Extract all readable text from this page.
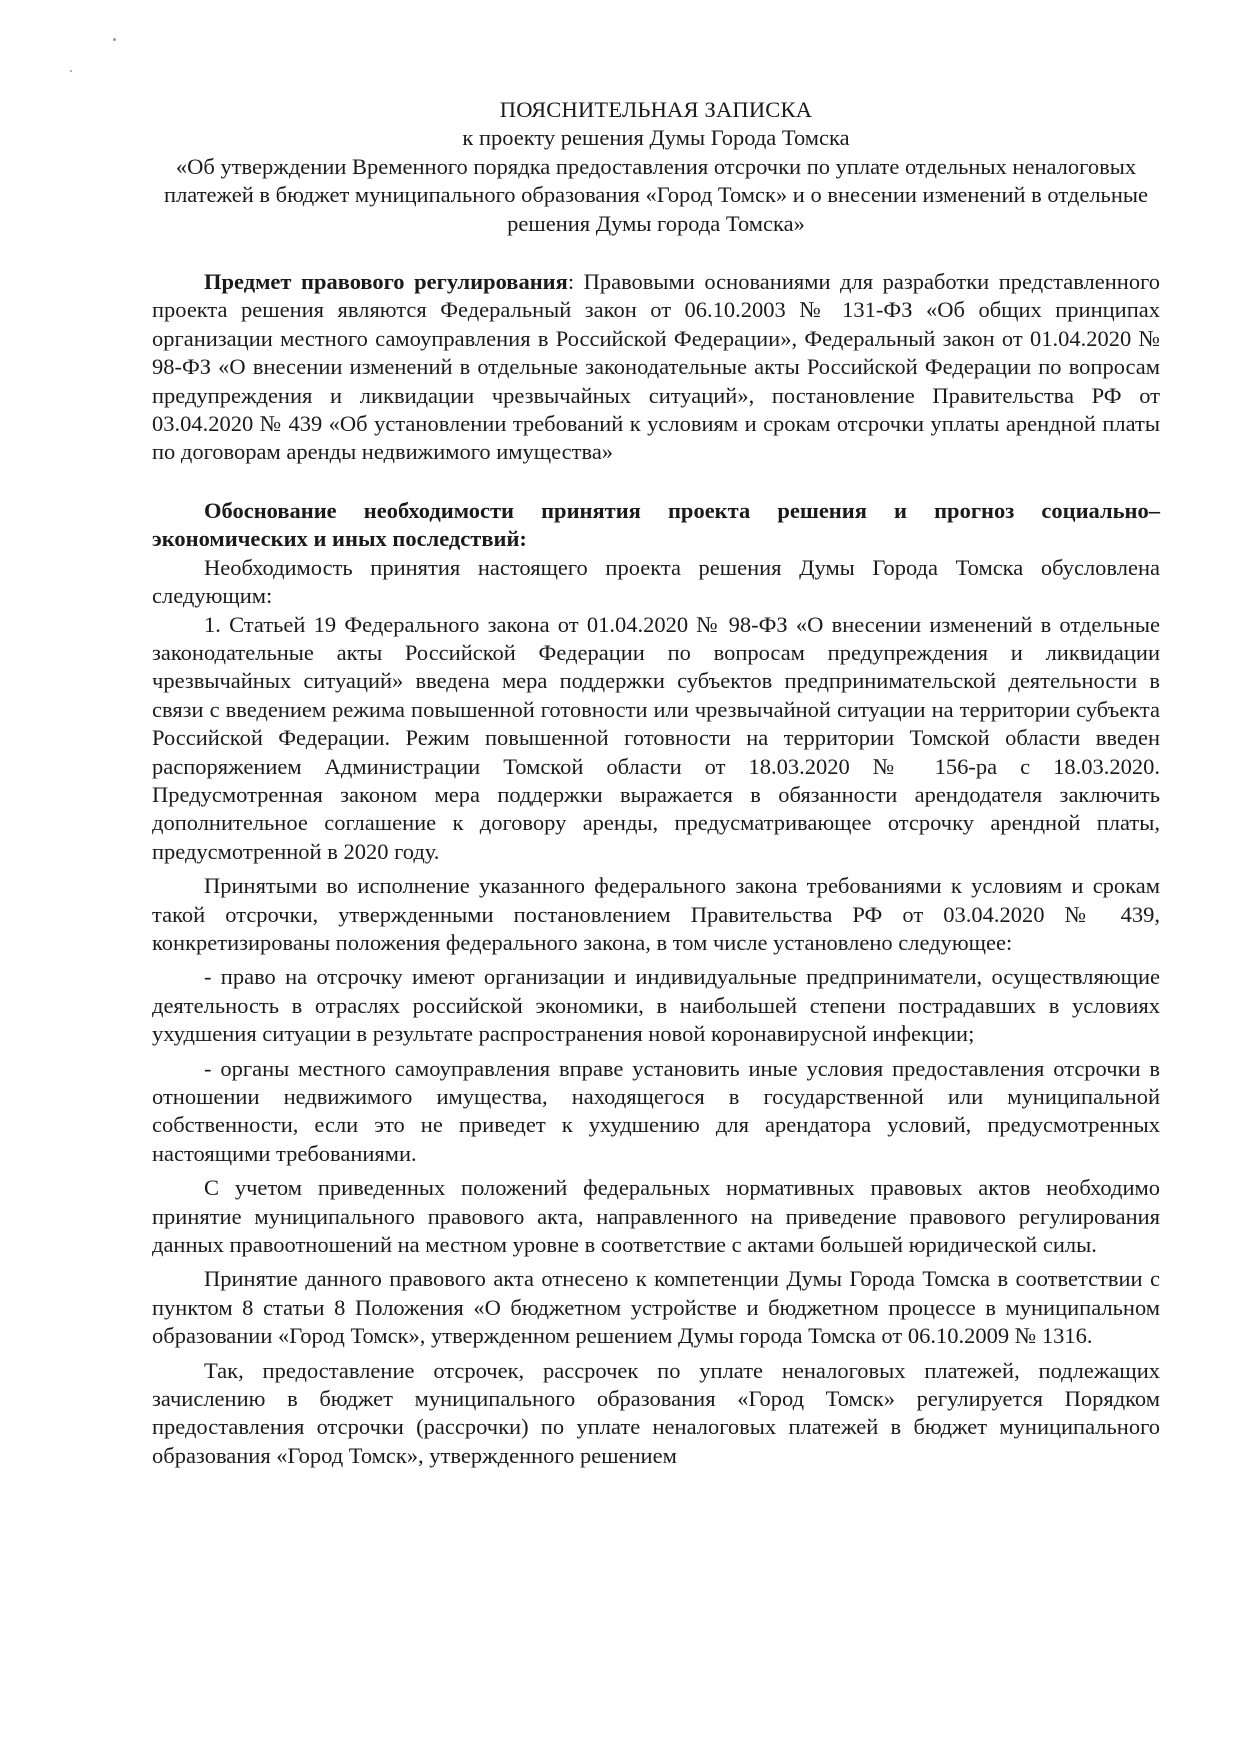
ПОЯСНИТЕЛЬНАЯ ЗАПИСКА
к проекту решения Думы Города Томска
«Об утверждении Временного порядка предоставления отсрочки по уплате отдельных неналоговых платежей в бюджет муниципального образования «Город Томск» и о внесении изменений в отдельные решения Думы города Томска»

Предмет правового регулирования: Правовыми основаниями для разработки представленного проекта решения являются Федеральный закон от 06.10.2003 № 131-ФЗ «Об общих принципах организации местного самоуправления в Российской Федерации», Федеральный закон от 01.04.2020 № 98-ФЗ «О внесении изменений в отдельные законодательные акты Российской Федерации по вопросам предупреждения и ликвидации чрезвычайных ситуаций», постановление Правительства РФ от 03.04.2020 № 439 «Об установлении требований к условиям и срокам отсрочки уплаты арендной платы по договорам аренды недвижимого имущества»

Обоснование необходимости принятия проекта решения и прогноз социально–экономических и иных последствий:

Необходимость принятия настоящего проекта решения Думы Города Томска обусловлена следующим:

1. Статьей 19 Федерального закона от 01.04.2020 № 98-ФЗ «О внесении изменений в отдельные законодательные акты Российской Федерации по вопросам предупреждения и ликвидации чрезвычайных ситуаций» введена мера поддержки субъектов предпринимательской деятельности в связи с введением режима повышенной готовности или чрезвычайной ситуации на территории субъекта Российской Федерации. Режим повышенной готовности на территории Томской области введен распоряжением Администрации Томской области от 18.03.2020 № 156-ра с 18.03.2020. Предусмотренная законом мера поддержки выражается в обязанности арендодателя заключить дополнительное соглашение к договору аренды, предусматривающее отсрочку арендной платы, предусмотренной в 2020 году.

Принятыми во исполнение указанного федерального закона требованиями к условиям и срокам такой отсрочки, утвержденными постановлением Правительства РФ от 03.04.2020 № 439, конкретизированы положения федерального закона, в том числе установлено следующее:

- право на отсрочку имеют организации и индивидуальные предприниматели, осуществляющие деятельность в отраслях российской экономики, в наибольшей степени пострадавших в условиях ухудшения ситуации в результате распространения новой коронавирусной инфекции;

- органы местного самоуправления вправе установить иные условия предоставления отсрочки в отношении недвижимого имущества, находящегося в государственной или муниципальной собственности, если это не приведет к ухудшению для арендатора условий, предусмотренных настоящими требованиями.

С учетом приведенных положений федеральных нормативных правовых актов необходимо принятие муниципального правового акта, направленного на приведение правового регулирования данных правоотношений на местном уровне в соответствие с актами большей юридической силы.

Принятие данного правового акта отнесено к компетенции Думы Города Томска в соответствии с пунктом 8 статьи 8 Положения «О бюджетном устройстве и бюджетном процессе в муниципальном образовании «Город Томск», утвержденном решением Думы города Томска от 06.10.2009 № 1316.

Так, предоставление отсрочек, рассрочек по уплате неналоговых платежей, подлежащих зачислению в бюджет муниципального образования «Город Томск» регулируется Порядком предоставления отсрочки (рассрочки) по уплате неналоговых платежей в бюджет муниципального образования «Город Томск», утвержденного решением
